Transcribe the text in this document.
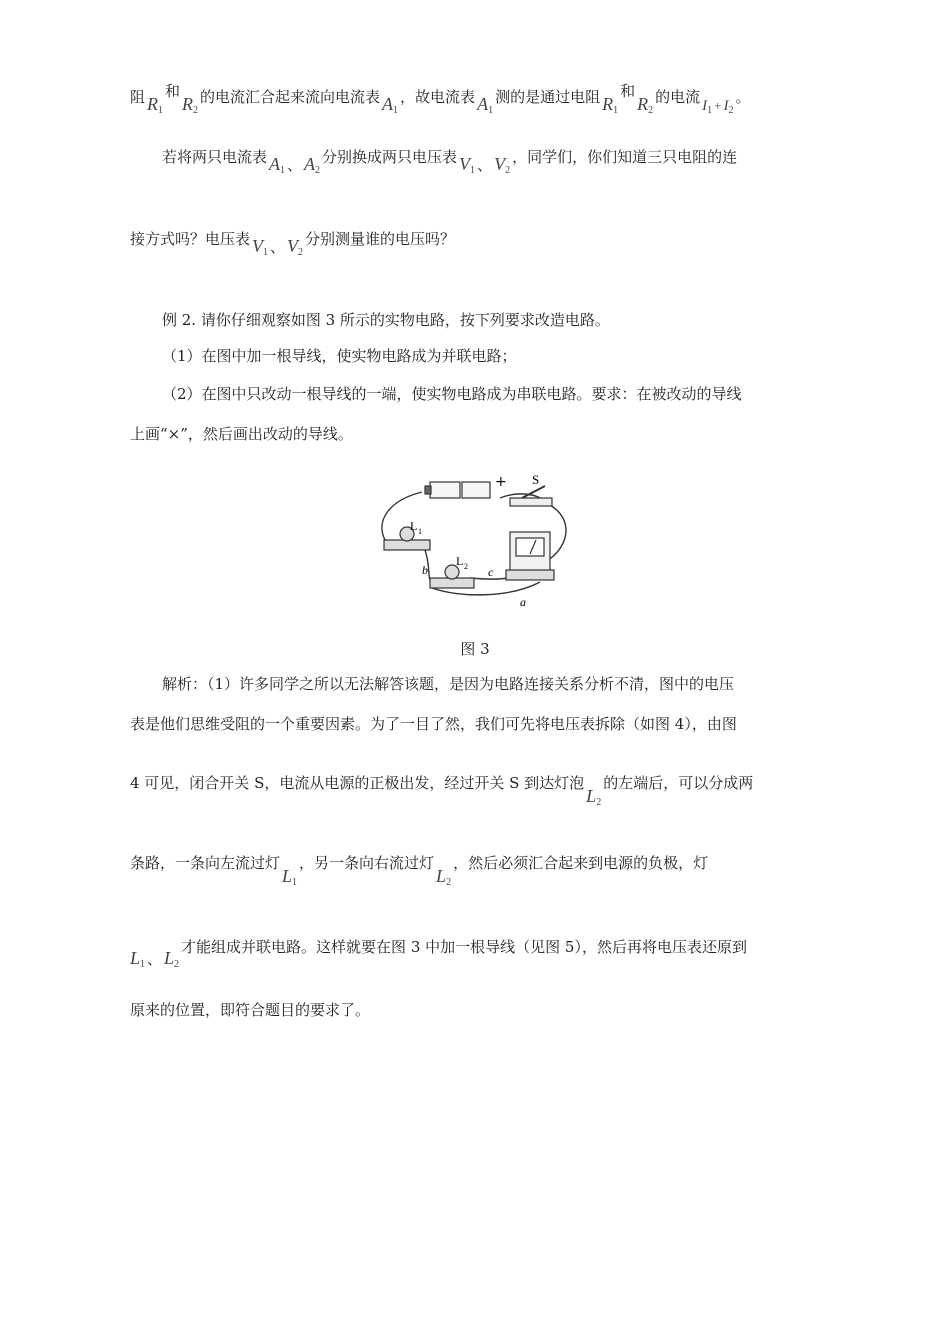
阻 $R_1$和$R_2$的电流汇合起来流向电流表 $A_1$，故电流表 $A_1$测的是通过电阻 $R_1$和$R_2$的电流 $I_1 + I_2$。
若将两只电流表 $A_1$ 、 $A_2$分别换成两只电压表 $V_1$ 、 $V_2$，同学们，你们知道三只电阻的连
接方式吗？电压表 $V_1$ 、 $V_2$分别测量谁的电压吗？
例 2. 请你仔细观察如图 3 所示的实物电路，按下列要求改造电路。
（1）在图中加一根导线，使实物电路成为并联电路；
（2）在图中只改动一根导线的一端，使实物电路成为串联电路。要求：在被改动的导线
上画“×”，然后画出改动的导线。
+ S
L 1
L 2
b	c
a
图 3
解析：（1）许多同学之所以无法解答该题，是因为电路连接关系分析不清，图中的电压
表是他们思维受阻的一个重要因素。为了一目了然，我们可先将电压表拆除（如图 4），由图
4 可见，闭合开关 S，电流从电源的正极出发，经过开关 S 到达灯泡$L_2$的左端后，可以分成两
条路，一条向左流过灯$L_1$，另一条向右流过灯$L_2$，然后必须汇合起来到电源的负极，灯
$L_1$ 、 $L_2$才能组成并联电路。这样就要在图 3 中加一根导线（见图 5），然后再将电压表还原到
原来的位置，即符合题目的要求了。
